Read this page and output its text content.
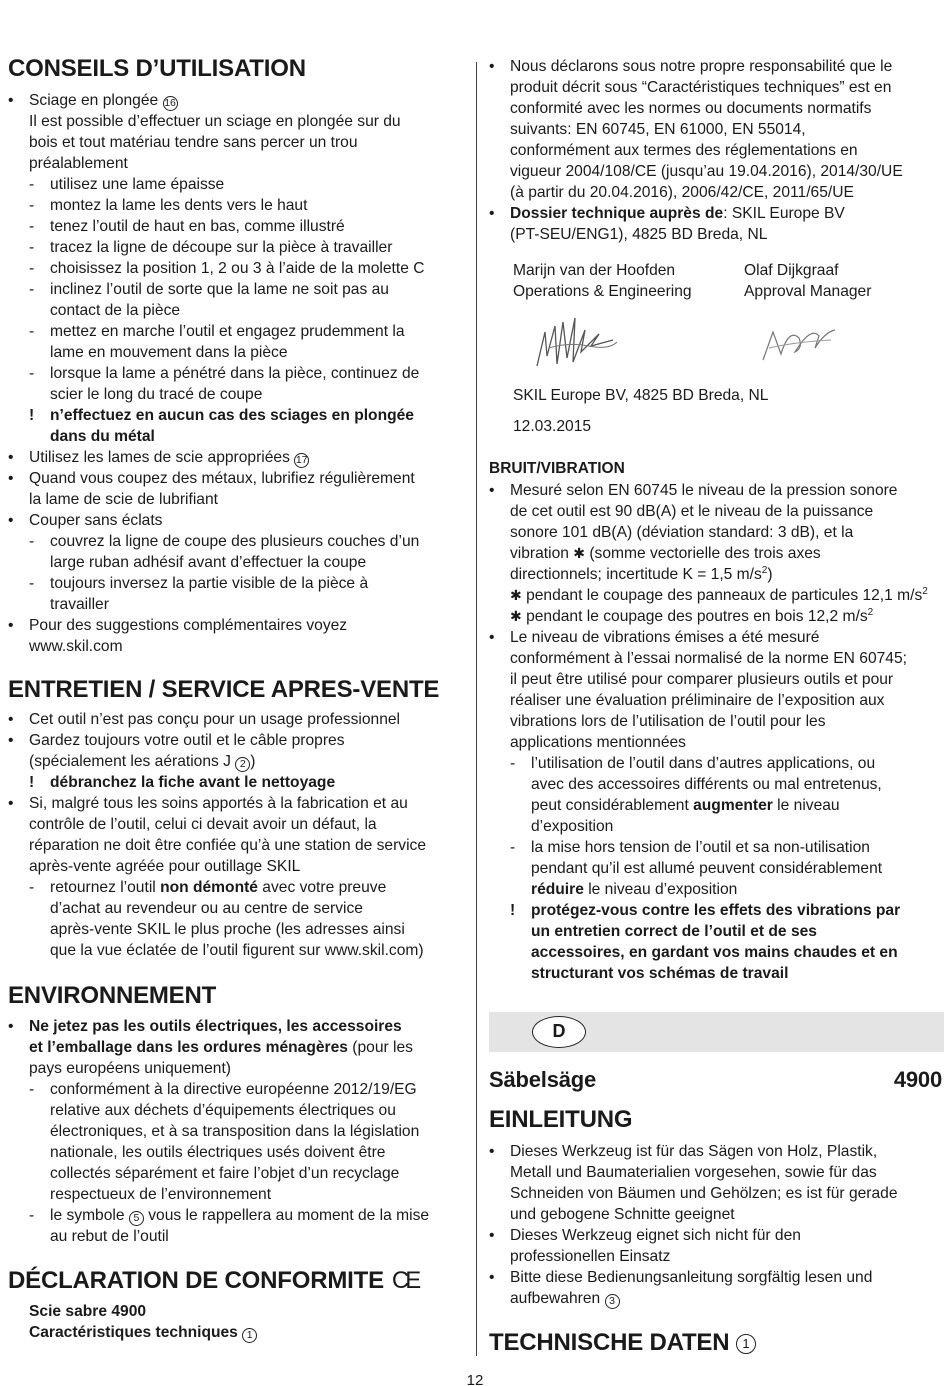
CONSEILS D’UTILISATION
• Sciage en plongée 16
Il est possible d’effectuer un sciage en plongée sur du
bois et tout matériau tendre sans percer un trou
préalablement
- utilisez une lame épaisse
- montez la lame les dents vers le haut
- tenez l’outil de haut en bas, comme illustré
- tracez la ligne de découpe sur la pièce à travailler
- choisissez la position 1, 2 ou 3 à l’aide de la molette C
- inclinez l’outil de sorte que la lame ne soit pas au
contact de la pièce
- mettez en marche l’outil et engagez prudemment la
lame en mouvement dans la pièce
- lorsque la lame a pénétré dans la pièce, continuez de
scier le long du tracé de coupe
! n’effectuez en aucun cas des sciages en plongée
dans du métal
• Utilisez les lames de scie appropriées 17
• Quand vous coupez des métaux, lubrifiez régulièrement
la lame de scie de lubrifiant
• Couper sans éclats
- couvrez la ligne de coupe des plusieurs couches d’un
large ruban adhésif avant d’effectuer la coupe
- toujours inversez la partie visible de la pièce à
travailler
• Pour des suggestions complémentaires voyez
www.skil.com
ENTRETIEN / SERVICE APRES-VENTE
• Cet outil n’est pas conçu pour un usage professionnel
• Gardez toujours votre outil et le câble propres
(spécialement les aérations J 2 )
! débranchez la fiche avant le nettoyage
• Si, malgré tous les soins apportés à la fabrication et au
contrôle de l’outil, celui ci devait avoir un défaut, la
réparation ne doit être confiée qu’à une station de service
après-vente agréée pour outillage SKIL
- retournez l’outil non démonté avec votre preuve
d’achat au revendeur ou au centre de service
après-vente SKIL le plus proche (les adresses ainsi
que la vue éclatée de l’outil figurent sur www.skil.com)
ENVIRONNEMENT
• Ne jetez pas les outils électriques, les accessoires
et l’emballage dans les ordures ménagères (pour les
pays européens uniquement)
- conformément à la directive européenne 2012/19/EG
relative aux déchets d’équipements électriques ou
électroniques, et à sa transposition dans la législation
nationale, les outils électriques usés doivent être
collectés séparément et faire l’objet d’un recyclage
respectueux de l’environnement
- le symbole 5 vous le rappellera au moment de la mise
au rebut de l’outil
DÉCLARATION DE CONFORMITE CE
Scie sabre 4900
Caractéristiques techniques 1
• Nous déclarons sous notre propre responsabilité que le
produit décrit sous “Caractéristiques techniques” est en
conformité avec les normes ou documents normatifs
suivants: EN 60745, EN 61000, EN 55014,
conformément aux termes des réglementations en
vigueur 2004/108/CE (jusqu’au 19.04.2016), 2014/30/UE
(à partir du 20.04.2016), 2006/42/CE, 2011/65/UE
• Dossier technique auprès de: SKIL Europe BV
(PT-SEU/ENG1), 4825 BD Breda, NL
Marijn van der Hoofden
Operations & Engineering
Olaf Dijkgraaf
Approval Manager
SKIL Europe BV, 4825 BD Breda, NL
12.03.2015
BRUIT/VIBRATION
• Mesuré selon EN 60745 le niveau de la pression sonore
de cet outil est 90 dB(A) et le niveau de la puissance
sonore 101 dB(A) (déviation standard: 3 dB), et la
vibration ✱ (somme vectorielle des trois axes
directionnels; incertitude K = 1,5 $m/s^2$)
✱ pendant le coupage des panneaux de particules 12,1 $m/s^2$
✱ pendant le coupage des poutres en bois 12,2 $m/s^2$
• Le niveau de vibrations émises a été mesuré
conformément à l’essai normalisé de la norme EN 60745;
il peut être utilisé pour comparer plusieurs outils et pour
réaliser une évaluation préliminaire de l’exposition aux
vibrations lors de l’utilisation de l’outil pour les
applications mentionnées
- l’utilisation de l’outil dans d’autres applications, ou
avec des accessoires différents ou mal entretenus,
peut considérablement augmenter le niveau
d’exposition
- la mise hors tension de l’outil et sa non-utilisation
pendant qu’il est allumé peuvent considérablement
réduire le niveau d’exposition
! protégez-vous contre les effets des vibrations par
un entretien correct de l’outil et de ses
accessoires, en gardant vos mains chaudes et en
structurant vos schémas de travail
Säbelsäge	4900
EINLEITUNG
• Dieses Werkzeug ist für das Sägen von Holz, Plastik,
Metall und Baumaterialien vorgesehen, sowie für das
Schneiden von Bäumen und Gehölzen; es ist für gerade
und gebogene Schnitte geeignet
• Dieses Werkzeug eignet sich nicht für den
professionellen Einsatz
• Bitte diese Bedienungsanleitung sorgfältig lesen und
aufbewahren 3
TECHNISCHE DATEN 1
D
12
